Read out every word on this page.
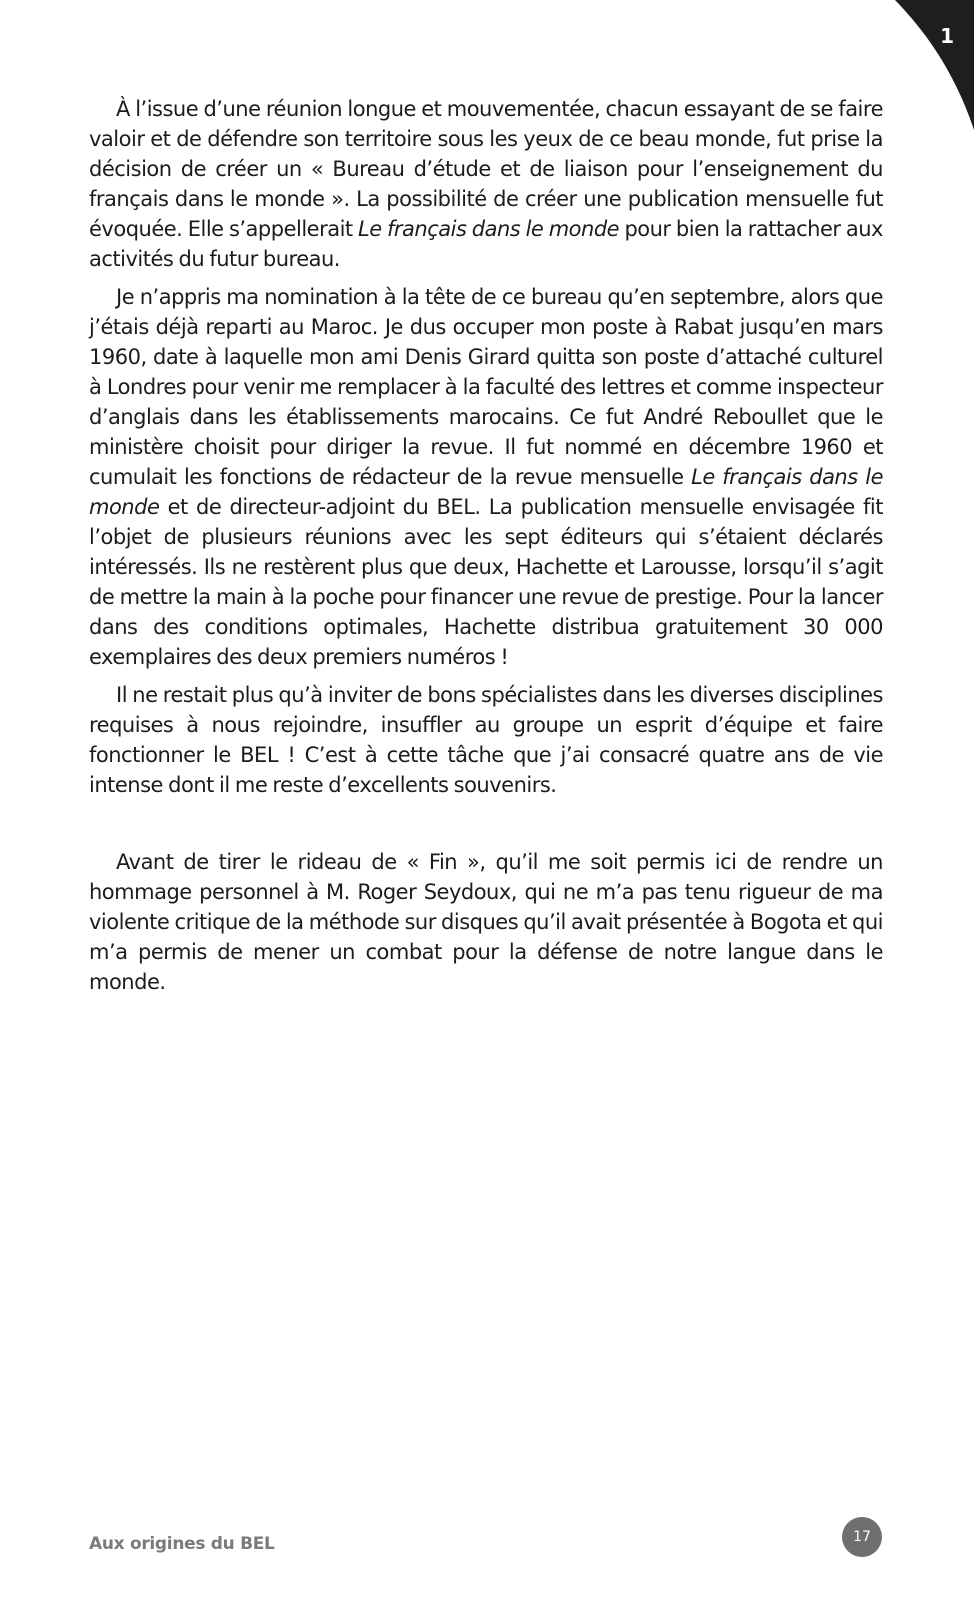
1

À l’issue d’une réunion longue et mouvementée, chacun essayant de se faire valoir et de défendre son territoire sous les yeux de ce beau monde, fut prise la décision de créer un « Bureau d’étude et de liaison pour l’enseignement du français dans le monde ». La possibilité de créer une publication mensuelle fut évoquée. Elle s’appellerait Le français dans le monde pour bien la rattacher aux activités du futur bureau.

Je n’appris ma nomination à la tête de ce bureau qu’en septembre, alors que j’étais déjà reparti au Maroc. Je dus occuper mon poste à Rabat jusqu’en mars 1960, date à laquelle mon ami Denis Girard quitta son poste d’attaché culturel à Londres pour venir me remplacer à la faculté des lettres et comme inspecteur d’anglais dans les établissements marocains. Ce fut André Reboullet que le ministère choisit pour diriger la revue. Il fut nommé en décembre 1960 et cumulait les fonctions de rédacteur de la revue mensuelle Le français dans le monde et de directeur-adjoint du BEL. La publication mensuelle envisagée fit l’objet de plusieurs réunions avec les sept éditeurs qui s’étaient déclarés intéressés. Ils ne restèrent plus que deux, Hachette et Larousse, lorsqu’il s’agit de mettre la main à la poche pour financer une revue de prestige. Pour la lancer dans des conditions optimales, Hachette distribua gratuitement 30 000 exemplaires des deux premiers numéros !

Il ne restait plus qu’à inviter de bons spécialistes dans les diverses disciplines requises à nous rejoindre, insuffler au groupe un esprit d’équipe et faire fonctionner le BEL ! C’est à cette tâche que j’ai consacré quatre ans de vie intense dont il me reste d’excellents souvenirs.

Avant de tirer le rideau de « Fin », qu’il me soit permis ici de rendre un hommage personnel à M. Roger Seydoux, qui ne m’a pas tenu rigueur de ma violente critique de la méthode sur disques qu’il avait présentée à Bogota et qui m’a permis de mener un combat pour la défense de notre langue dans le monde.

Aux origines du BEL	17
